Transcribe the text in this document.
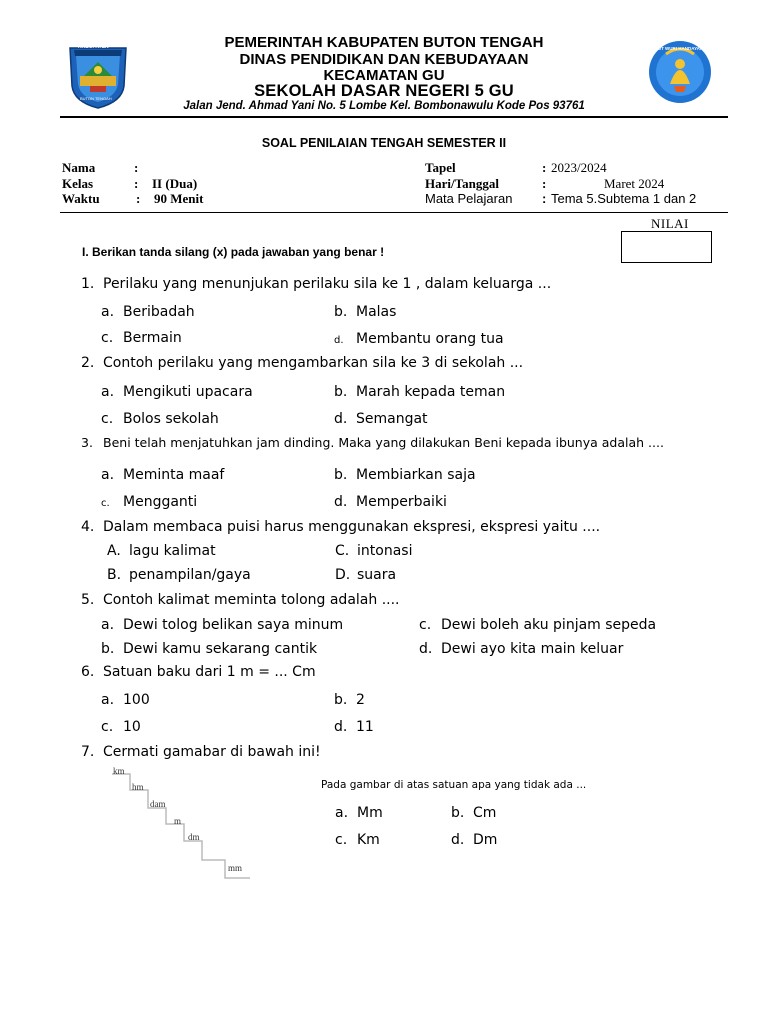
KABUPATEN
BUTON TENGAH
TUT WURI HANDAYANI
PEMERINTAH KABUPATEN BUTON TENGAH
DINAS PENDIDIKAN DAN KEBUDAYAAN
KECAMATAN GU
SEKOLAH DASAR NEGERI 5 GU
Jalan Jend. Ahmad Yani No. 5 Lombe Kel. Bombonawulu Kode Pos 93761
SOAL PENILAIAN TENGAH SEMESTER II
Nama	:
Kelas	: II (Dua)
Waktu	: 90 Menit
Tapel	: 2023/2024
Hari/Tanggal	:	Maret 2024
Mata Pelajaran : Tema 5.Subtema 1 dan 2
NILAI
I. Berikan tanda silang (x) pada jawaban yang benar !
1. Perilaku yang menunjukan perilaku sila ke 1 , dalam keluarga ...
a. Beribadah	b. Malas
c. Bermain	d. Membantu orang tua
2. Contoh perilaku yang mengambarkan sila ke 3 di sekolah ...
a. Mengikuti upacara	b. Marah kepada teman
c. Bolos sekolah	d. Semangat
3. Beni telah menjatuhkan jam dinding. Maka yang dilakukan Beni kepada ibunya adalah ....
a. Meminta maaf	b. Membiarkan saja
c. Mengganti	d. Memperbaiki
4. Dalam membaca puisi harus menggunakan ekspresi, ekspresi yaitu ....
A. lagu kalimat	C. intonasi
B. penampilan/gaya	D. suara
5. Contoh kalimat meminta tolong adalah ....
a. Dewi tolog belikan saya minum	c. Dewi boleh aku pinjam sepeda
b. Dewi kamu sekarang cantik	d. Dewi ayo kita main keluar
6. Satuan baku dari 1 m = ... Cm
a. 100	b. 2
c. 10	d. 11
7. Cermati gamabar di bawah ini!
km
hm
dam
m
dm
mm
Pada gambar di atas satuan apa yang tidak ada ...
a. Mm	b. Cm
c. Km	d. Dm
